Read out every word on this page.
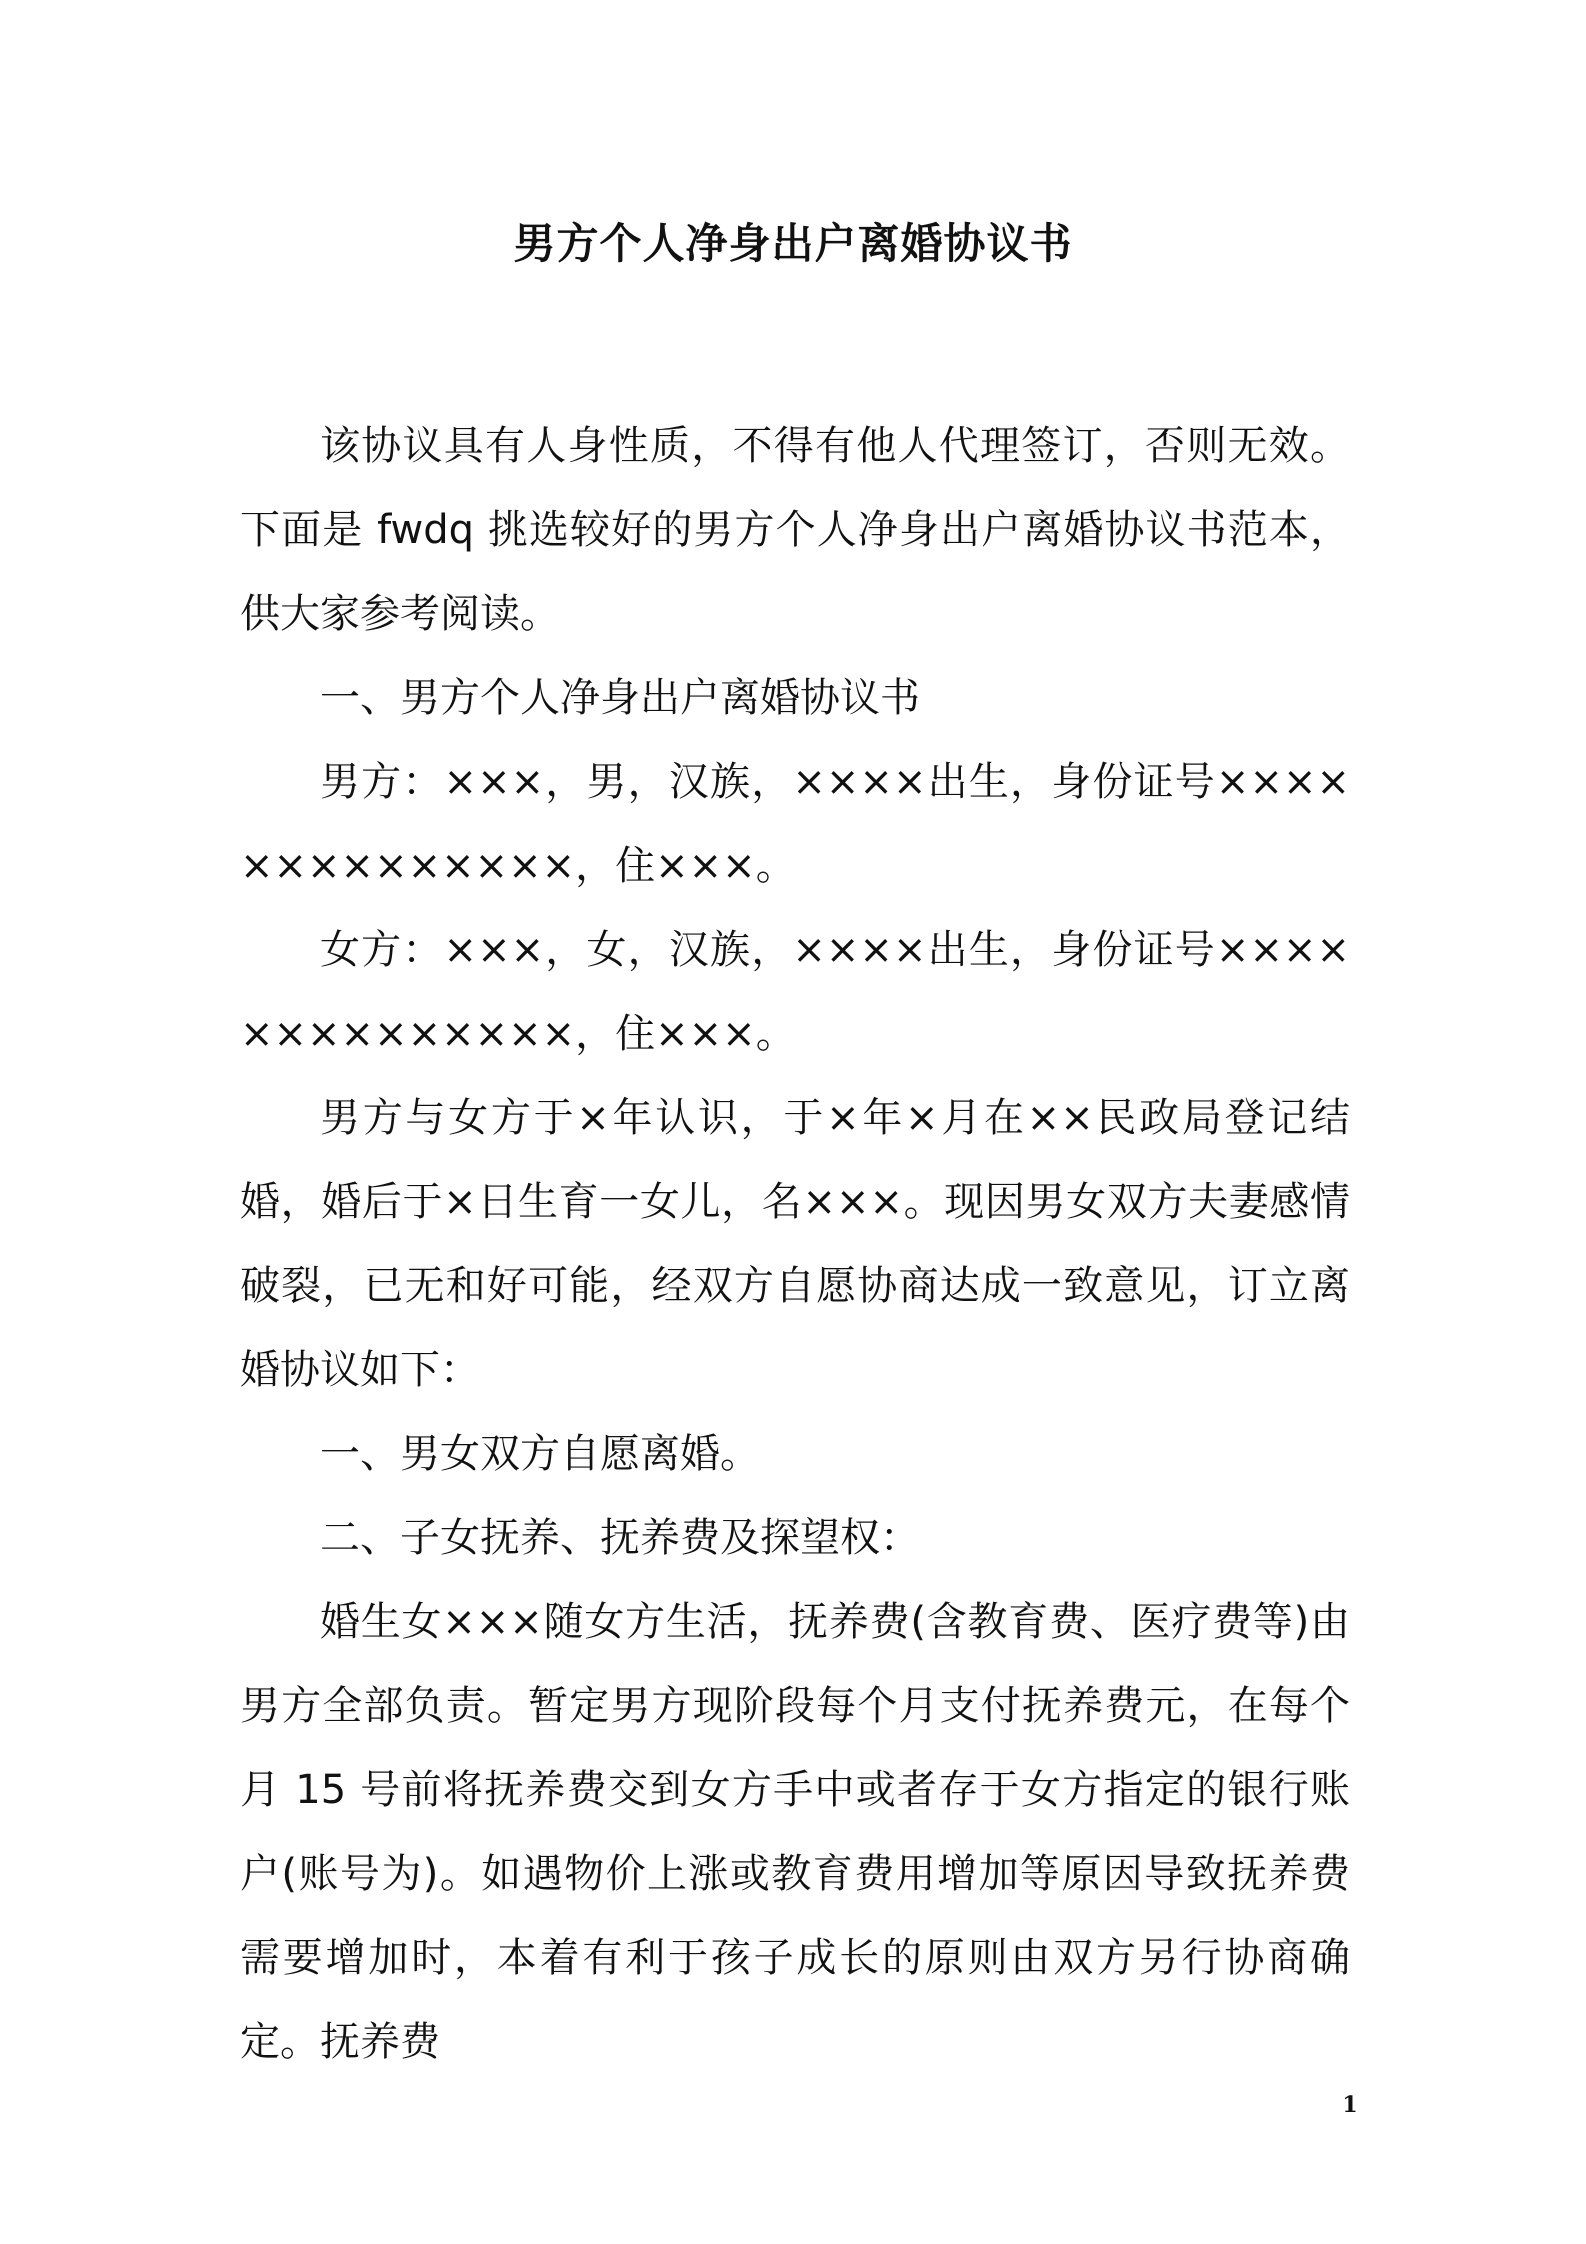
男方个人净身出户离婚协议书

该协议具有人身性质，不得有他人代理签订，否则无效。下面是 fwdq 挑选较好的男方个人净身出户离婚协议书范本，供大家参考阅读。

一、男方个人净身出户离婚协议书

男方：×××，男，汉族，××××出生，身份证号××××××××××××××，住×××。

女方：×××，女，汉族，××××出生，身份证号××××××××××××××，住×××。

男方与女方于×年认识，于×年×月在××民政局登记结婚，婚后于×日生育一女儿，名×××。现因男女双方夫妻感情破裂，已无和好可能，经双方自愿协商达成一致意见，订立离婚协议如下：

一、男女双方自愿离婚。

二、子女抚养、抚养费及探望权：

婚生女×××随女方生活，抚养费(含教育费、医疗费等)由男方全部负责。暂定男方现阶段每个月支付抚养费元，在每个月 15 号前将抚养费交到女方手中或者存于女方指定的银行账户(账号为)。如遇物价上涨或教育费用增加等原因导致抚养费需要增加时，本着有利于孩子成长的原则由双方另行协商确定。抚养费

1
